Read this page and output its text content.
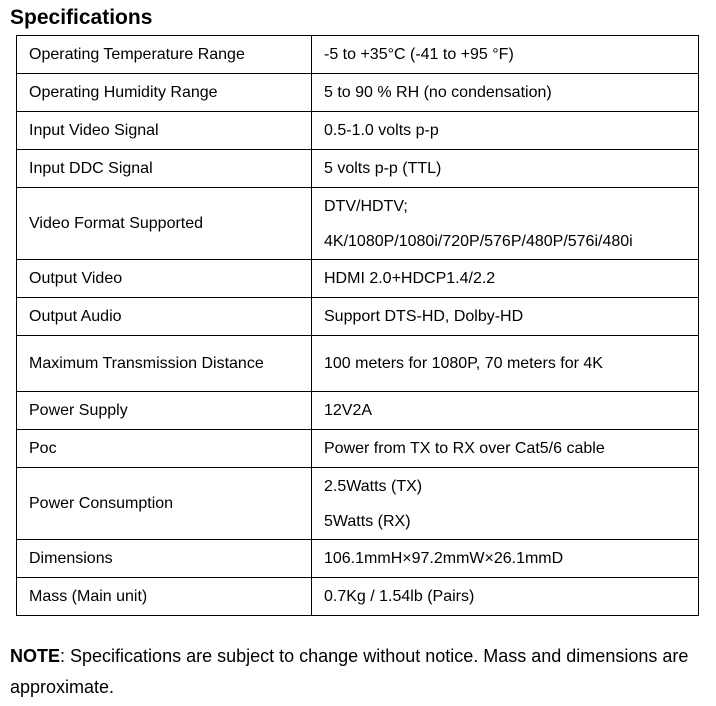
Specifications
Operating Temperature Range	-5 to +35°C (-41 to +95 °F)
Operating Humidity Range	5 to 90 % RH (no condensation)
Input Video Signal	0.5-1.0 volts p-p
Input DDC Signal	5 volts p-p (TTL)
Video Format Supported	DTV/HDTV;
4K/1080P/1080i/720P/576P/480P/576i/480i

Output Video	HDMI 2.0+HDCP1.4/2.2
Output Audio	Support DTS-HD, Dolby-HD
Maximum Transmission Distance	100 meters for 1080P, 70 meters for 4K
Power Supply	12V2A
Poc	Power from TX to RX over Cat5/6 cable
Power Consumption	2.5Watts (TX)
5Watts (RX)

Dimensions	106.1mmH×97.2mmW×26.1mmD
Mass (Main unit)	0.7Kg / 1.54lb (Pairs)
NOTE: Specifications are subject to change without notice. Mass and dimensions are approximate.
